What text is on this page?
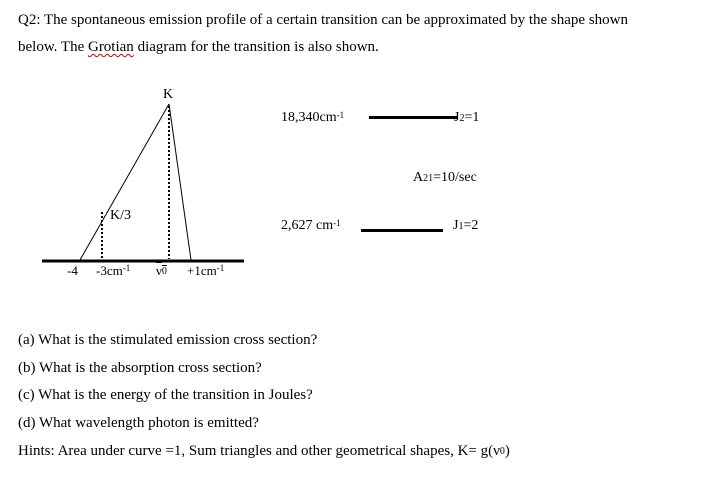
Q2: The spontaneous emission profile of a certain transition can be approximated by the shape shown
below. The Grotian diagram for the transition is also shown.
K
K/3
-4 $-3cm^{-1}$ $\nu_0 +1cm^{-1}$
$18,340cm^{-1}$	$J_2=1$
$A_{21}=10/\sec$
2,627 $cm^{-1}$	$J_1=2$
(a) What is the stimulated emission cross section?
(b) What is the absorption cross section?
(c) What is the energy of the transition in Joules?
(d) What wavelength photon is emitted?
Hints: Area under curve =1, Sum triangles and other geometrical shapes, $K= g(\nu_0)$
